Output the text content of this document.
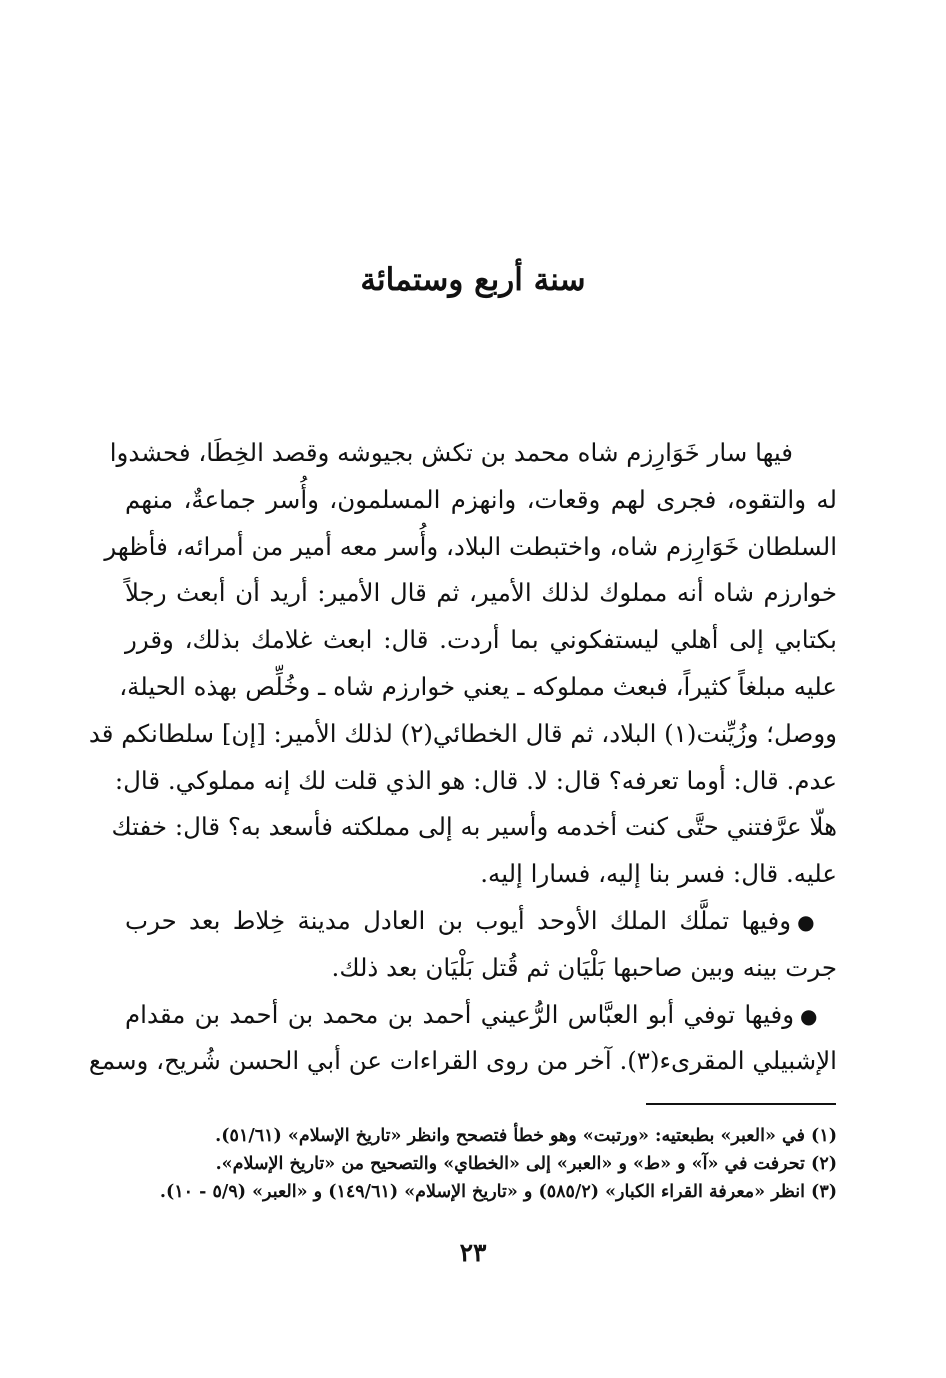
سنة أربع وستمائة
فيها سار خَوَارِزم شاه محمد بن تكش بجيوشه وقصد الخِطَا، فحشدوا
له والتقوه، فجرى لهم وقعات، وانهزم المسلمون، وأُسر جماعةٌ، منهم
السلطان خَوَارِزم شاه، واختبطت البلاد، وأُسر معه أمير من أمرائه، فأظهر
خوارزم شاه أنه مملوك لذلك الأمير، ثم قال الأمير: أريد أن أبعث رجلاً
بكتابي إلى أهلي ليستفكوني بما أردت. قال: ابعث غلامك بذلك، وقرر
عليه مبلغاً كثيراً، فبعث مملوكه ـ يعني خوارزم شاه ـ وخُلِّص بهذه الحيلة،
ووصل؛ وزُيِّنت(١) البلاد، ثم قال الخطائي(٢) لذلك الأمير: [إن] سلطانكم قد
عدم. قال: أوما تعرفه؟ قال: لا. قال: هو الذي قلت لك إنه مملوكي. قال:
هلّا عرَّفتني حتَّى كنت أخدمه وأسير به إلى مملكته فأسعد به؟ قال: خفتك
عليه. قال: فسر بنا إليه، فسارا إليه.
●وفيها تملَّك الملك الأوحد أيوب بن العادل مدينة خِلاط بعد حرب
جرت بينه وبين صاحبها بَلْيَان ثم قُتل بَلْيَان بعد ذلك.
●وفيها توفي أبو العبَّاس الرُّعيني أحمد بن محمد بن أحمد بن مقدام
الإشبيلي المقرىء(٣). آخر من روى القراءات عن أبي الحسن شُريح، وسمع
(١) في «العبر» بطبعتيه: «ورتبت» وهو خطأ فتصحح وانظر «تاريخ الإسلام» (٥١/٦١).
(٢) تحرفت في «آ» و «ط» و «العبر» إلى «الخطاي» والتصحيح من «تاريخ الإسلام».
(٣) انظر «معرفة القراء الكبار» (٥٨٥/٢) و «تاريخ الإسلام» (١٤٩/٦١) و «العبر» (٥/٩ - ١٠).
٢٣
